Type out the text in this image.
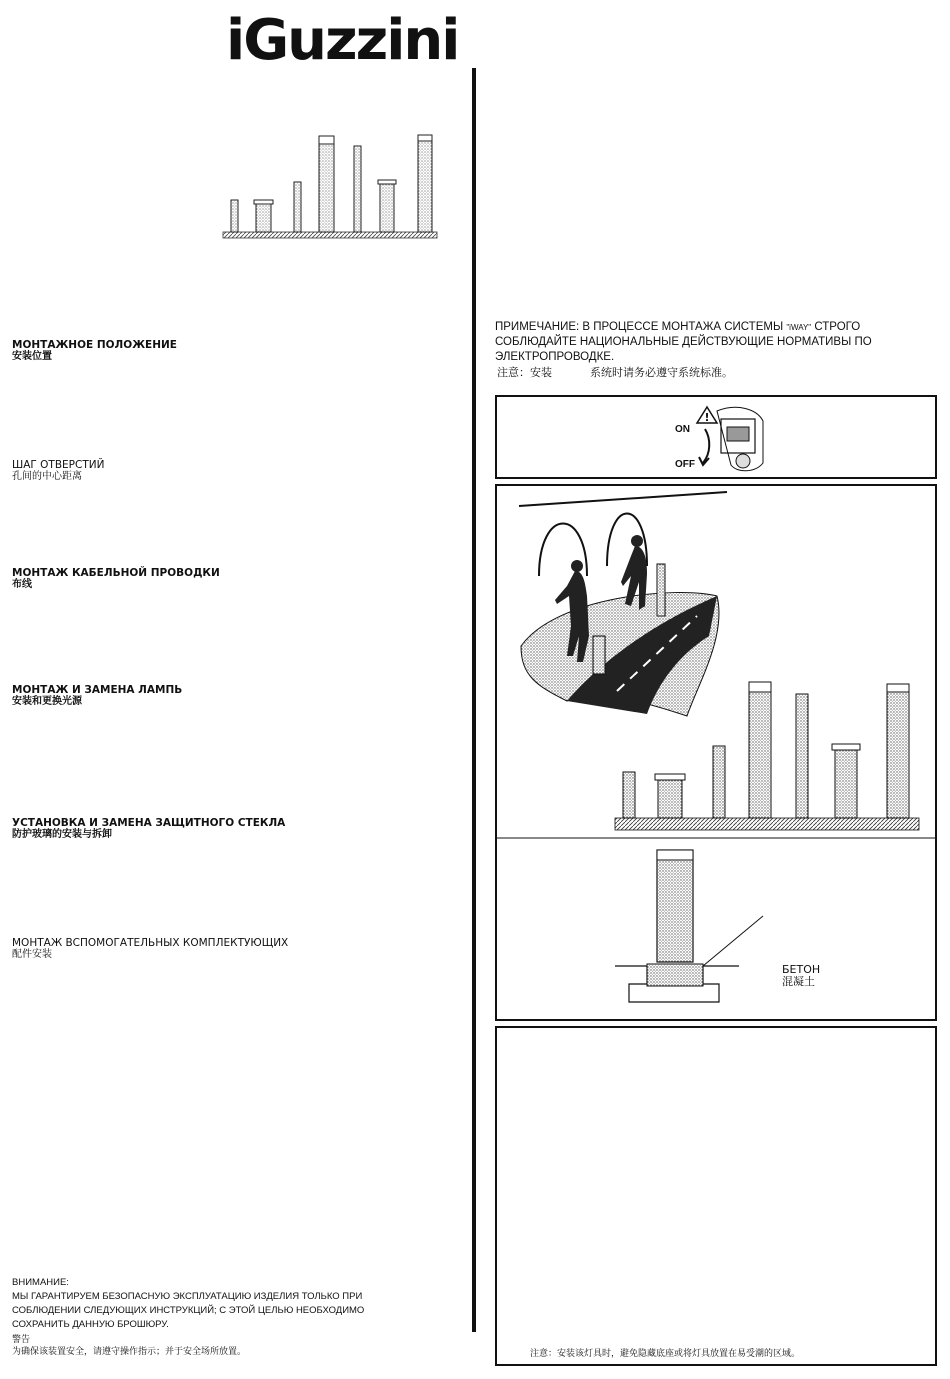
iGuzzini
МОНТАЖНОЕ ПОЛОЖЕНИЕ
安装位置
ШАГ ОТВЕРСТИЙ
孔间的中心距离
МОНТАЖ КАБЕЛЬНОЙ ПРОВОДКИ
布线
МОНТАЖ И ЗАМЕНА ЛАМПЬ
安装和更换光源
УСТАНОВКА И ЗАМЕНА ЗАЩИТНОГО СТЕКЛА
防护玻璃的安装与拆卸
МОНТАЖ ВСПОМОГАТЕЛЬНЫХ КОМПЛЕКТУЮЩИХ
配件安装
ПРИМЕЧАНИЕ: В ПРОЦЕССЕ МОНТАЖА СИСТЕМЫ "iWAY" СТРОГО СОБЛЮДАЙТЕ НАЦИОНАЛЬНЫЕ ДЕЙСТВУЮЩИЕ НОРМАТИВЫ ПО ЭЛЕКТРОПРОВОДКЕ.
注意：安装	系统时请务必遵守系统标准。
ON
OFF
!
БЕТОН
混凝土
注意：安装该灯具时，避免隐藏底座或将灯具放置在易受潮的区域。
ВНИМАНИЕ:
МЫ ГАРАНТИРУЕМ БЕЗОПАСНУЮ ЭКСПЛУАТАЦИЮ ИЗДЕЛИЯ ТОЛЬКО ПРИ
СОБЛЮДЕНИИ СЛЕДУЮЩИХ ИНСТРУКЦИЙ; С ЭТОЙ ЦЕЛЬЮ НЕОБХОДИМО
СОХРАНИТЬ ДАННУЮ БРОШЮРУ.
警告
为确保该装置安全，请遵守操作指示；并于安全场所放置。
